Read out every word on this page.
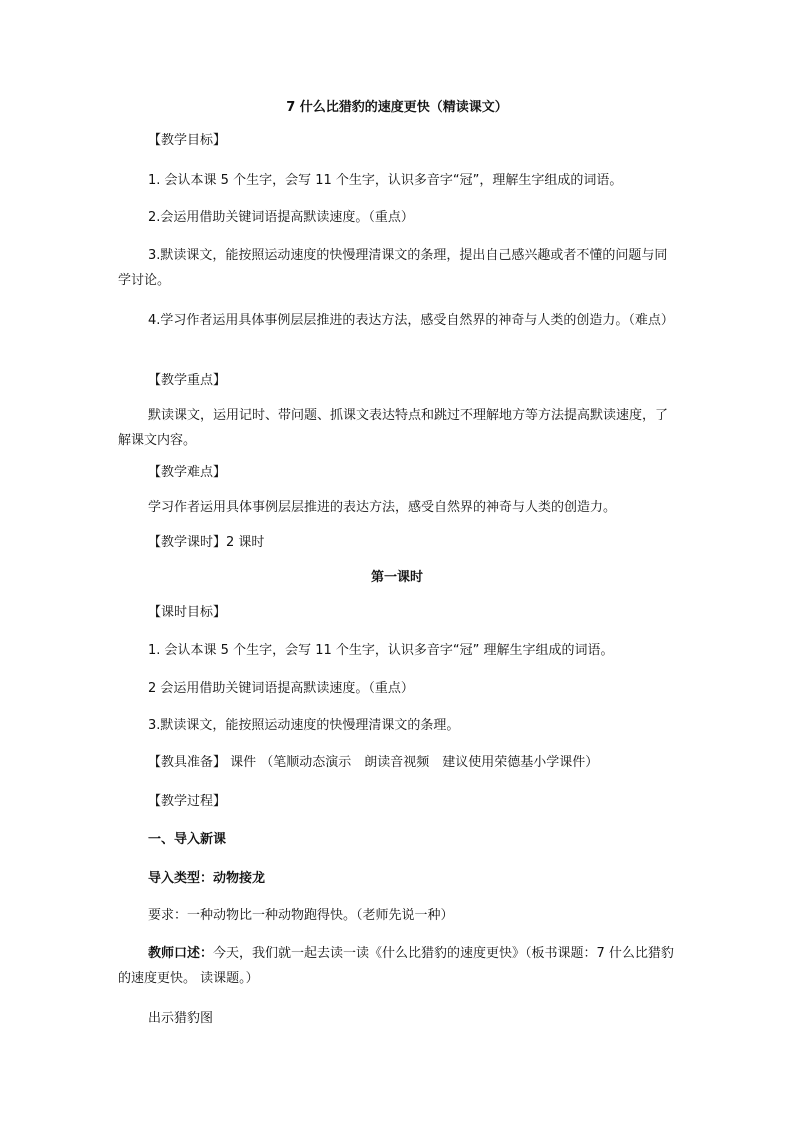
7 什么比猎豹的速度更快（精读课文）

【教学目标】

1. 会认本课 5 个生字，会写 11 个生字，认识多音字“冠”，理解生字组成的词语。

2.会运用借助关键词语提高默读速度。（重点）

3.默读课文，能按照运动速度的快慢理清课文的条理，提出自己感兴趣或者不懂的问题与同学讨论。

4.学习作者运用具体事例层层推进的表达方法，感受自然界的神奇与人类的创造力。（难点）

【教学重点】

默读课文，运用记时、带问题、抓课文表达特点和跳过不理解地方等方法提高默读速度，了解课文内容。

【教学难点】

学习作者运用具体事例层层推进的表达方法，感受自然界的神奇与人类的创造力。

【教学课时】2 课时

第一课时

【课时目标】

1. 会认本课 5 个生字，会写 11 个生字，认识多音字“冠” 理解生字组成的词语。

2 会运用借助关键词语提高默读速度。（重点）

3.默读课文，能按照运动速度的快慢理清课文的条理。

【教具准备】 课件 （笔顺动态演示　朗读音视频　建议使用荣德基小学课件）

【教学过程】

一、导入新课

导入类型：动物接龙

要求：一种动物比一种动物跑得快。（老师先说一种）

教师口述：今天，我们就一起去读一读《什么比猎豹的速度更快》（板书课题：7 什么比猎豹的速度更快。 读课题。）

出示猎豹图
